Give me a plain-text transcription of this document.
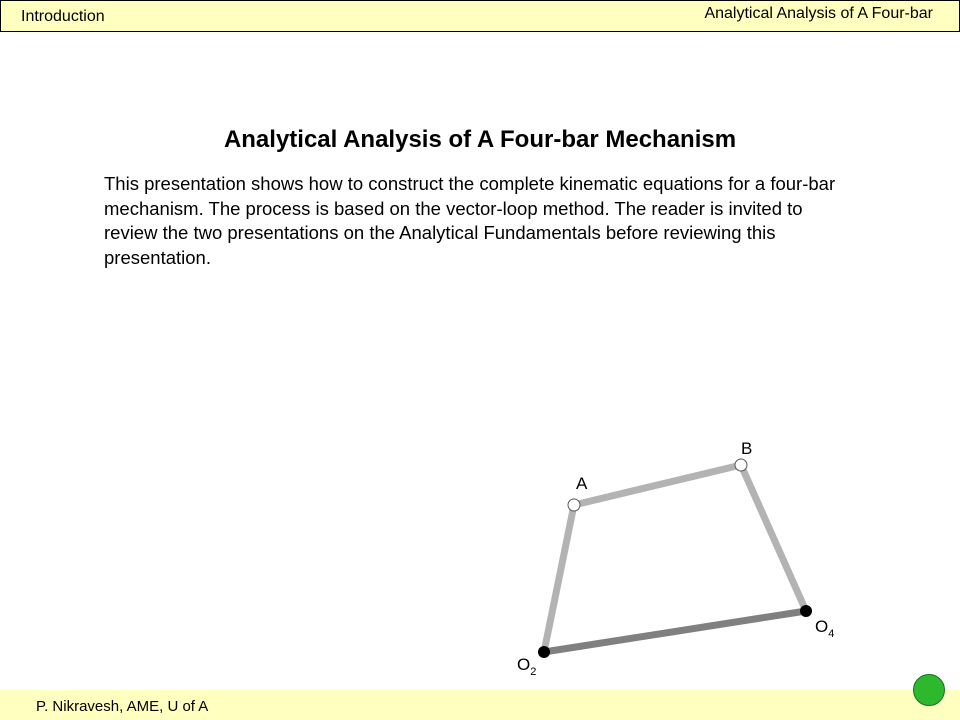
Introduction	Analytical Analysis of A Four-bar
Analytical Analysis of A Four-bar Mechanism

This presentation shows how to construct the complete kinematic equations for a four-bar mechanism. The process is based on the vector-loop method. The reader is invited to review the two presentations on the Analytical Fundamentals before reviewing this presentation.

A
B
$O_2$
$O_4$
P. Nikravesh, AME, U of A
